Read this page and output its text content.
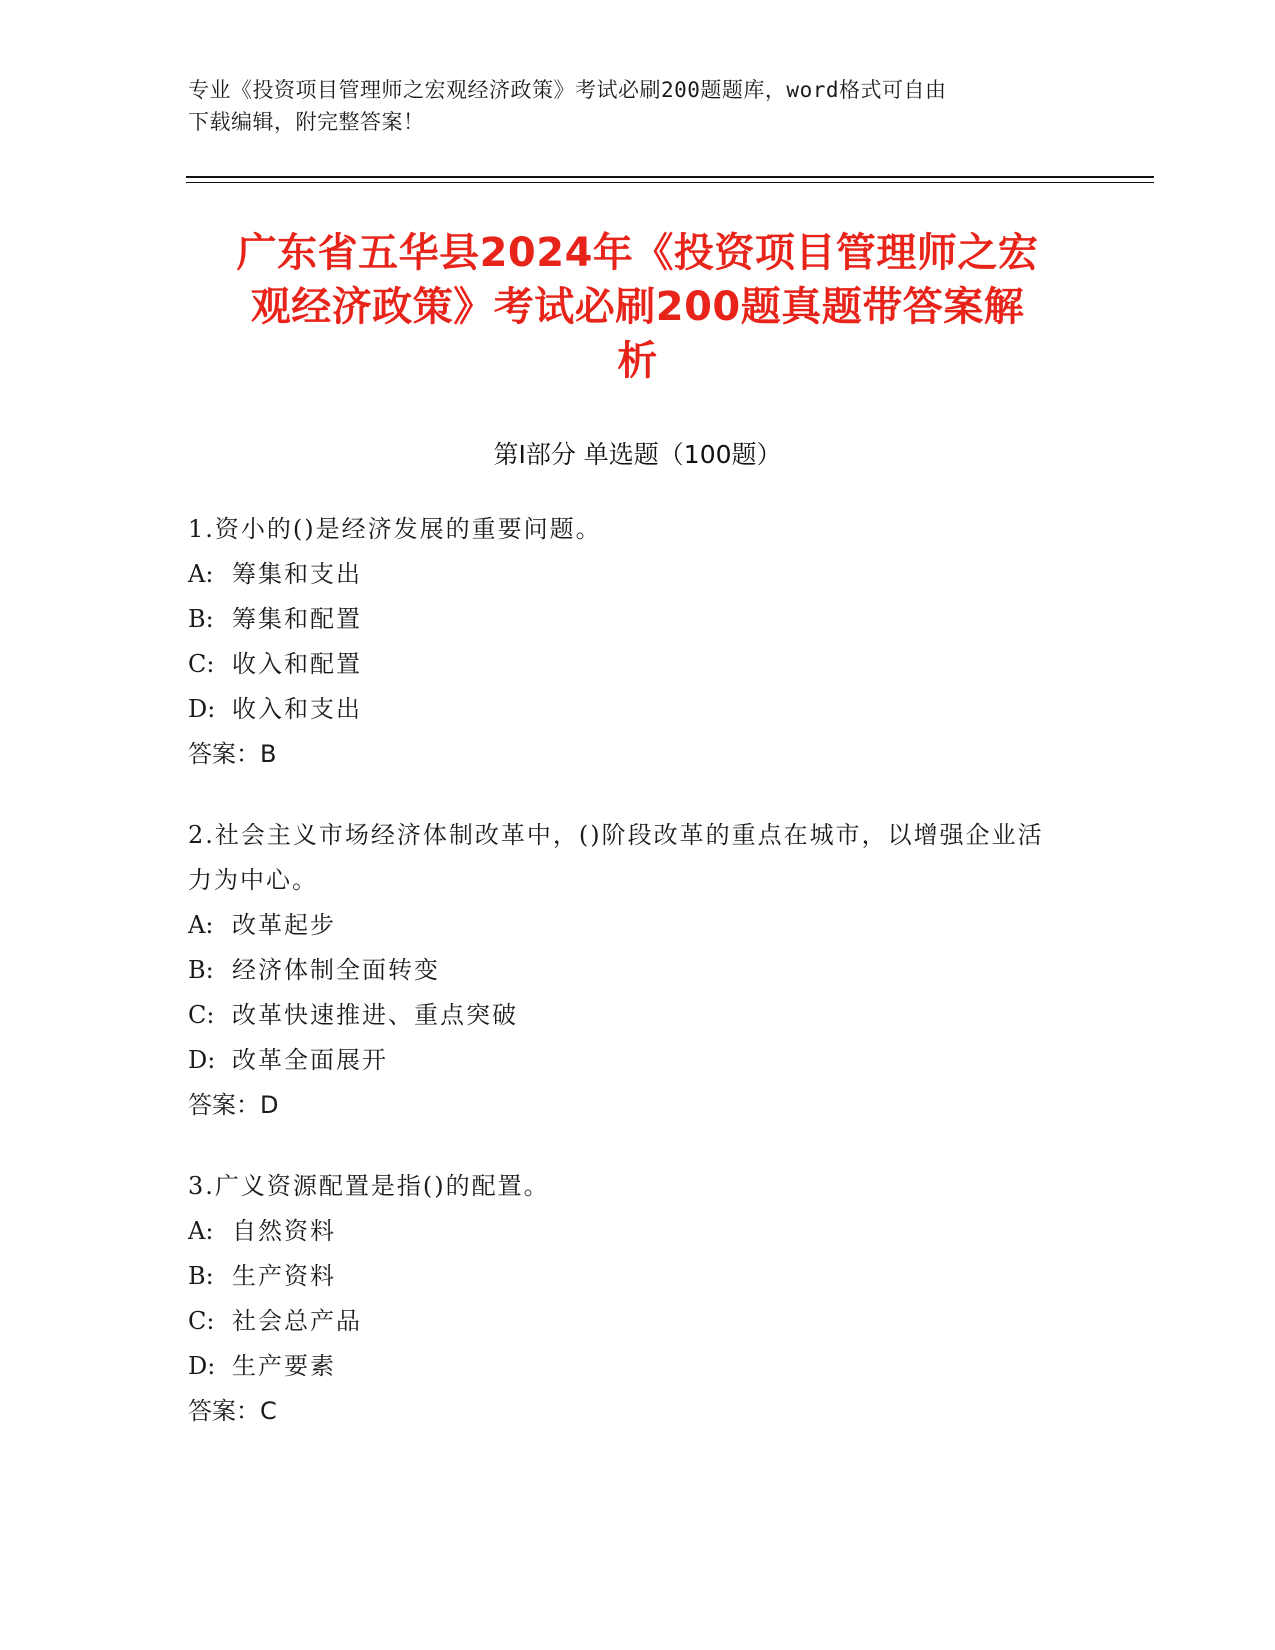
专业《投资项目管理师之宏观经济政策》考试必刷200题题库，word格式可自由
下载编辑，附完整答案！
广东省五华县2024年《投资项目管理师之宏
观经济政策》考试必刷200题真题带答案解
析
第Ⅰ部分 单选题（100题）
1.资小的()是经济发展的重要问题。
A: 筹集和支出
B: 筹集和配置
C: 收入和配置
D: 收入和支出
答案：B
2.社会主义市场经济体制改革中，()阶段改革的重点在城市，以增强企业活力为中心。
A: 改革起步
B: 经济体制全面转变
C: 改革快速推进、重点突破
D: 改革全面展开
答案：D
3.广义资源配置是指()的配置。
A: 自然资料
B: 生产资料
C: 社会总产品
D: 生产要素
答案：C
